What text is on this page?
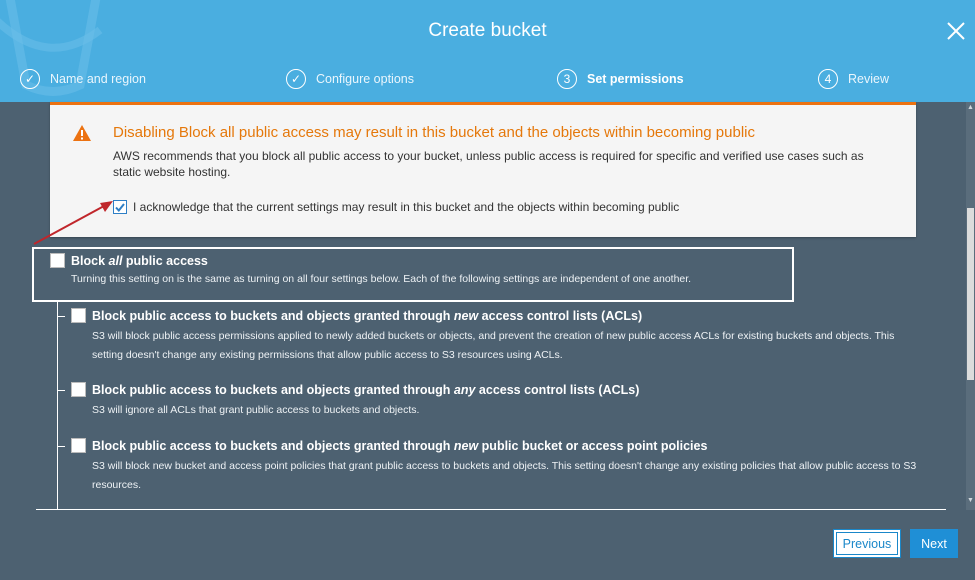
Create bucket
✓	Name and region	✓	Configure options	3	Set permissions	4	Review
Disabling Block all public access may result in this bucket and the objects within becoming public
AWS recommends that you block all public access to your bucket, unless public access is required for specific and verified use cases such as static website hosting.
I acknowledge that the current settings may result in this bucket and the objects within becoming public
Block all public access
Turning this setting on is the same as turning on all four settings below. Each of the following settings are independent of one another.
Block public access to buckets and objects granted through new access control lists (ACLs)
S3 will block public access permissions applied to newly added buckets or objects, and prevent the creation of new public access ACLs for existing buckets and objects. This setting doesn't change any existing permissions that allow public access to S3 resources using ACLs.
Block public access to buckets and objects granted through any access control lists (ACLs)
S3 will ignore all ACLs that grant public access to buckets and objects.
Block public access to buckets and objects granted through new public bucket or access point policies
S3 will block new bucket and access point policies that grant public access to buckets and objects. This setting doesn't change any existing policies that allow public access to S3 resources.
▲
▼
Previous	Next
